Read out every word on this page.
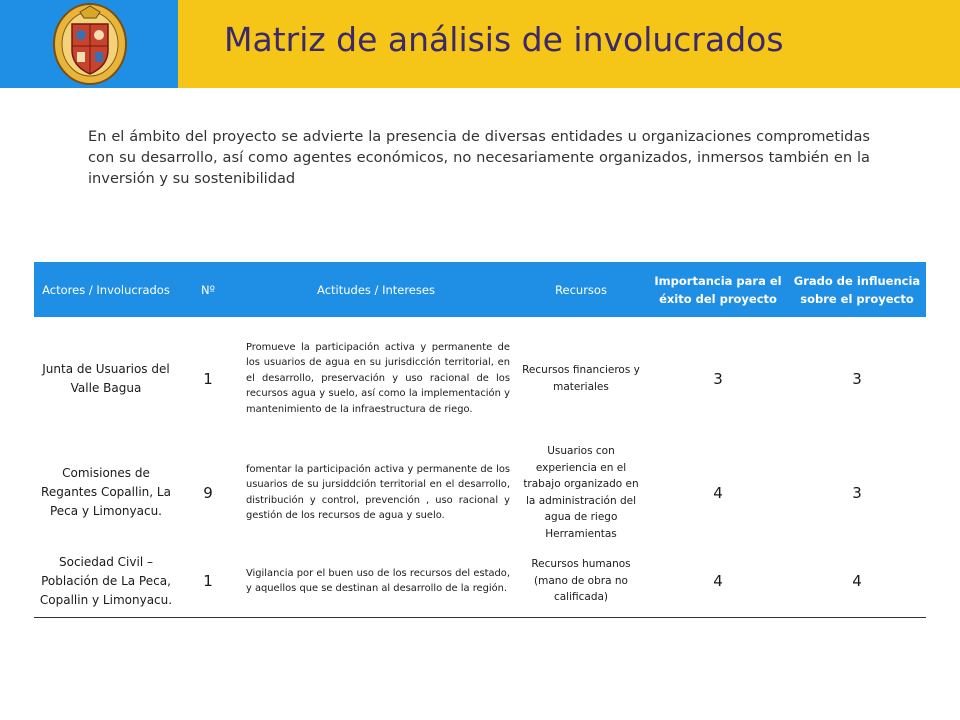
Matriz de análisis de involucrados

En el ámbito del proyecto se advierte la presencia de diversas entidades u organizaciones comprometidas con su desarrollo, así como agentes económicos, no necesariamente organizados, inmersos también en la inversión y su sostenibilidad

Actores / Involucrados	Nº	Actitudes / Intereses	Recursos	Importancia para el éxito del proyecto	Grado de influencia sobre el proyecto
Junta de Usuarios del Valle Bagua	1	Promueve la participación activa y permanente de los usuarios de agua en su jurisdicción territorial, en el desarrollo, preservación y uso racional de los recursos agua y suelo, así como la implementación y mantenimiento de la infraestructura de riego.	Recursos financieros y materiales	3	3
Comisiones de Regantes Copallin, La Peca y Limonyacu.	9	fomentar la participación activa y permanente de los usuarios de su jursiddción territorial en el desarrollo, distribución y control, prevención , uso racional y gestión de los recursos de agua y suelo.	Usuarios con experiencia en el trabajo organizado en la administración del agua de riego Herramientas	4	3
Sociedad Civil – Población de La Peca, Copallin y Limonyacu.	1	Vigilancia por el buen uso de los recursos del estado, y aquellos que se destinan al desarrollo de la región.	Recursos humanos (mano de obra no calificada)	4	4
